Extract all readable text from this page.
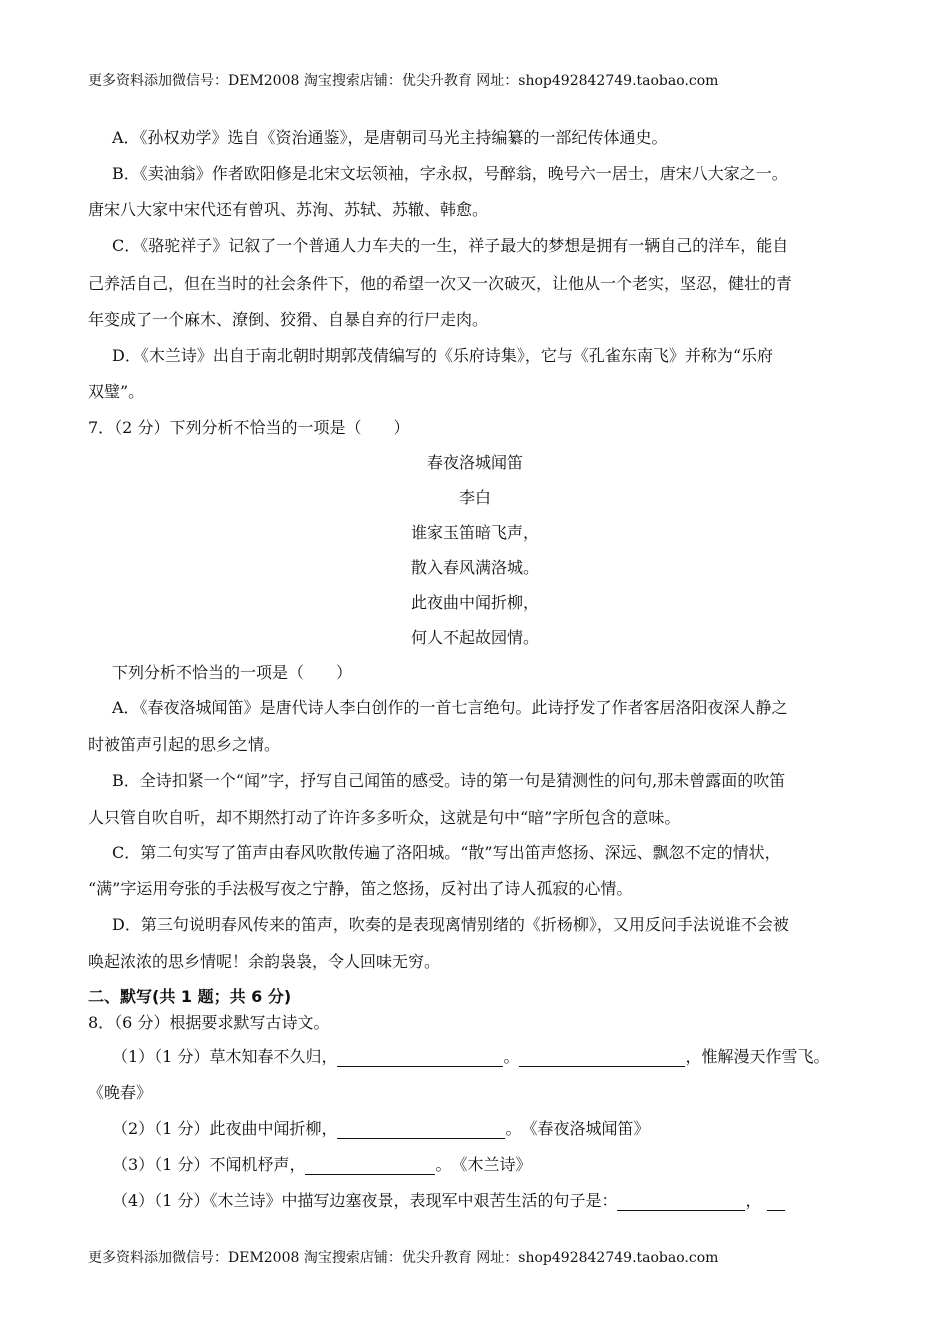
更多资料添加微信号：DEM2008 淘宝搜索店铺：优尖升教育 网址：shop492842749.taobao.com
A．《孙权劝学》选自《资治通鉴》，是唐朝司马光主持编纂的一部纪传体通史。
B．《卖油翁》作者欧阳修是北宋文坛领袖，字永叔，号醉翁，晚号六一居士，唐宋八大家之一。
唐宋八大家中宋代还有曾巩、苏洵、苏轼、苏辙、韩愈。
C．《骆驼祥子》记叙了一个普通人力车夫的一生，祥子最大的梦想是拥有一辆自己的洋车，能自
己养活自己，但在当时的社会条件下，他的希望一次又一次破灭，让他从一个老实，坚忍，健壮的青
年变成了一个麻木、潦倒、狡猾、自暴自弃的行尸走肉。
D．《木兰诗》出自于南北朝时期郭茂倩编写的《乐府诗集》，它与《孔雀东南飞》并称为“乐府
双璧”。
7．（2 分）下列分析不恰当的一项是（　　）
春夜洛城闻笛
李白
谁家玉笛暗飞声，
散入春风满洛城。
此夜曲中闻折柳，
何人不起故园情。
下列分析不恰当的一项是（　　）
A．《春夜洛城闻笛》是唐代诗人李白创作的一首七言绝句。此诗抒发了作者客居洛阳夜深人静之
时被笛声引起的思乡之情。
B．全诗扣紧一个“闻”字，抒写自己闻笛的感受。诗的第一句是猜测性的问句,那未曾露面的吹笛
人只管自吹自听，却不期然打动了许许多多听众，这就是句中“暗”字所包含的意味。
C．第二句实写了笛声由春风吹散传遍了洛阳城。“散”写出笛声悠扬、深远、飘忽不定的情状，
“满”字运用夸张的手法极写夜之宁静，笛之悠扬，反衬出了诗人孤寂的心情。
D．第三句说明春风传来的笛声，吹奏的是表现离情别绪的《折杨柳》，又用反问手法说谁不会被
唤起浓浓的思乡情呢！余韵袅袅，令人回味无穷。
二、默写(共 1 题；共 6 分)
8．（6 分）根据要求默写古诗文。
（1）（1 分）草木知春不久归，	。	，惟解漫天作雪飞。
《晚春》
（2）（1 分）此夜曲中闻折柳，	。　《春夜洛城闻笛》
（3）（1 分）不闻机杼声，	。　《木兰诗》
（4）（1 分）《木兰诗》中描写边塞夜景，表现军中艰苦生活的句子是：	，
更多资料添加微信号：DEM2008 淘宝搜索店铺：优尖升教育 网址：shop492842749.taobao.com
